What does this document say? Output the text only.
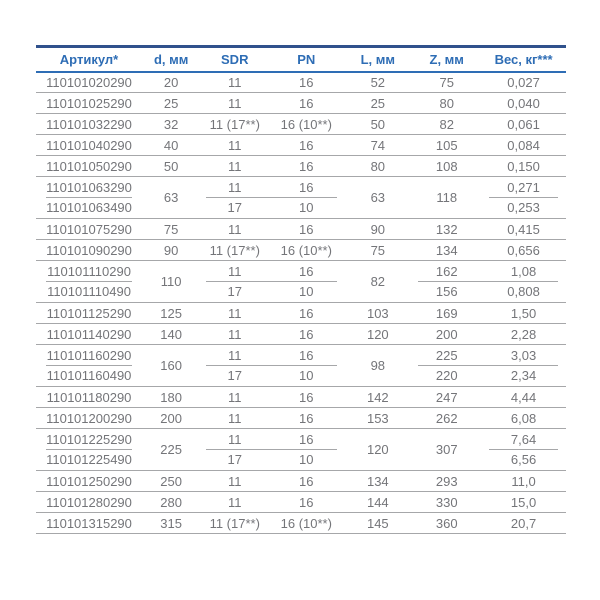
Артикул*	d, мм	SDR	PN	L, мм	Z, мм	Вес, кг***
110101020290	20	11	16	52	75	0,027
110101025290	25	11	16	25	80	0,040
110101032290	32	11 (17**)	16 (10**)	50	82	0,061
110101040290	40	11	16	74	105	0,084
110101050290	50	11	16	80	108	0,150
110101063290	63	11	16	63	118	0,271
110101063490		17	10			0,253
110101075290	75	11	16	90	132	0,415
110101090290	90	11 (17**)	16 (10**)	75	134	0,656
110101110290	110	11	16	82	162	1,08
110101110490		17	10		156	0,808
110101125290	125	11	16	103	169	1,50
110101140290	140	11	16	120	200	2,28
110101160290	160	11	16	98	225	3,03
110101160490		17	10		220	2,34
110101180290	180	11	16	142	247	4,44
110101200290	200	11	16	153	262	6,08
110101225290	225	11	16	120	307	7,64
110101225490		17	10			6,56
110101250290	250	11	16	134	293	11,0
110101280290	280	11	16	144	330	15,0
110101315290	315	11 (17**)	16 (10**)	145	360	20,7
